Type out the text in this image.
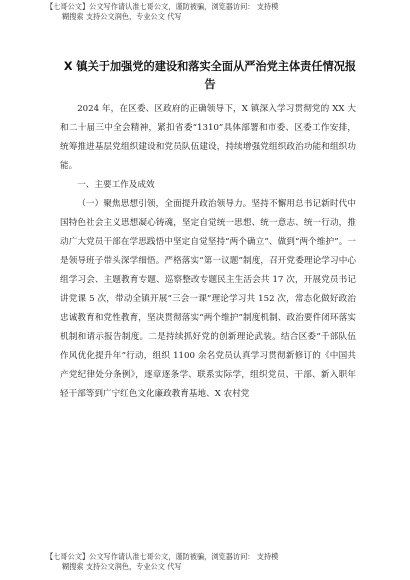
【七哥公文】公文写作请认准七哥公文，谨防被骗，浏览器访问： 支持模
糊搜索 支持公文润色，专业公文 代写
X 镇关于加强党的建设和落实全面从严治党主体责任情况报告

2024 年，在区委、区政府的正确领导下，X 镇深入学习贯彻党的 XX 大和二十届三中全会精神，紧扣省委“1310”具体部署和市委、区委工作安排，统筹推进基层党组织建设和党员队伍建设，持续增强党组织政治功能和组织功能。

一、主要工作及成效

（一）聚焦思想引领，全面提升政治领导力。坚持不懈用总书记新时代中国特色社会主义思想凝心铸魂，坚定自觉统一思想、统一意志、统一行动，推动广大党员干部在学思践悟中坚定自觉坚持“两个确立”、做到“两个维护”。一是领导班子带头深学细悟。严格落实“第一议题”制度，召开党委理论学习中心组学习会、主题教育专题、巡察整改专题民主生活会共 17 次，开展党员书记讲党课 5 次，带动全镇开展“三会一课”理论学习共 152 次，常态化做好政治忠诚教育和党性教育，坚决贯彻落实“两个维护”制度机制、政治要件闭环落实机制和请示报告制度。二是持续抓好党的创新理论武装。结合区委“千部队伍作风优化提升年”行动，组织 1100 余名党员认真学习贯彻新修订的《中国共产党纪律处分条例》，逐章逐条学、联系实际学，组织党员、干部、新入职年轻干部等到广宁红色文化廉政教育基地、X 农村党

【七哥公文】公文写作请认准七哥公文，谨防被骗，浏览器访问： 支持模
糊搜索 支持公文润色，专业公文 代写
